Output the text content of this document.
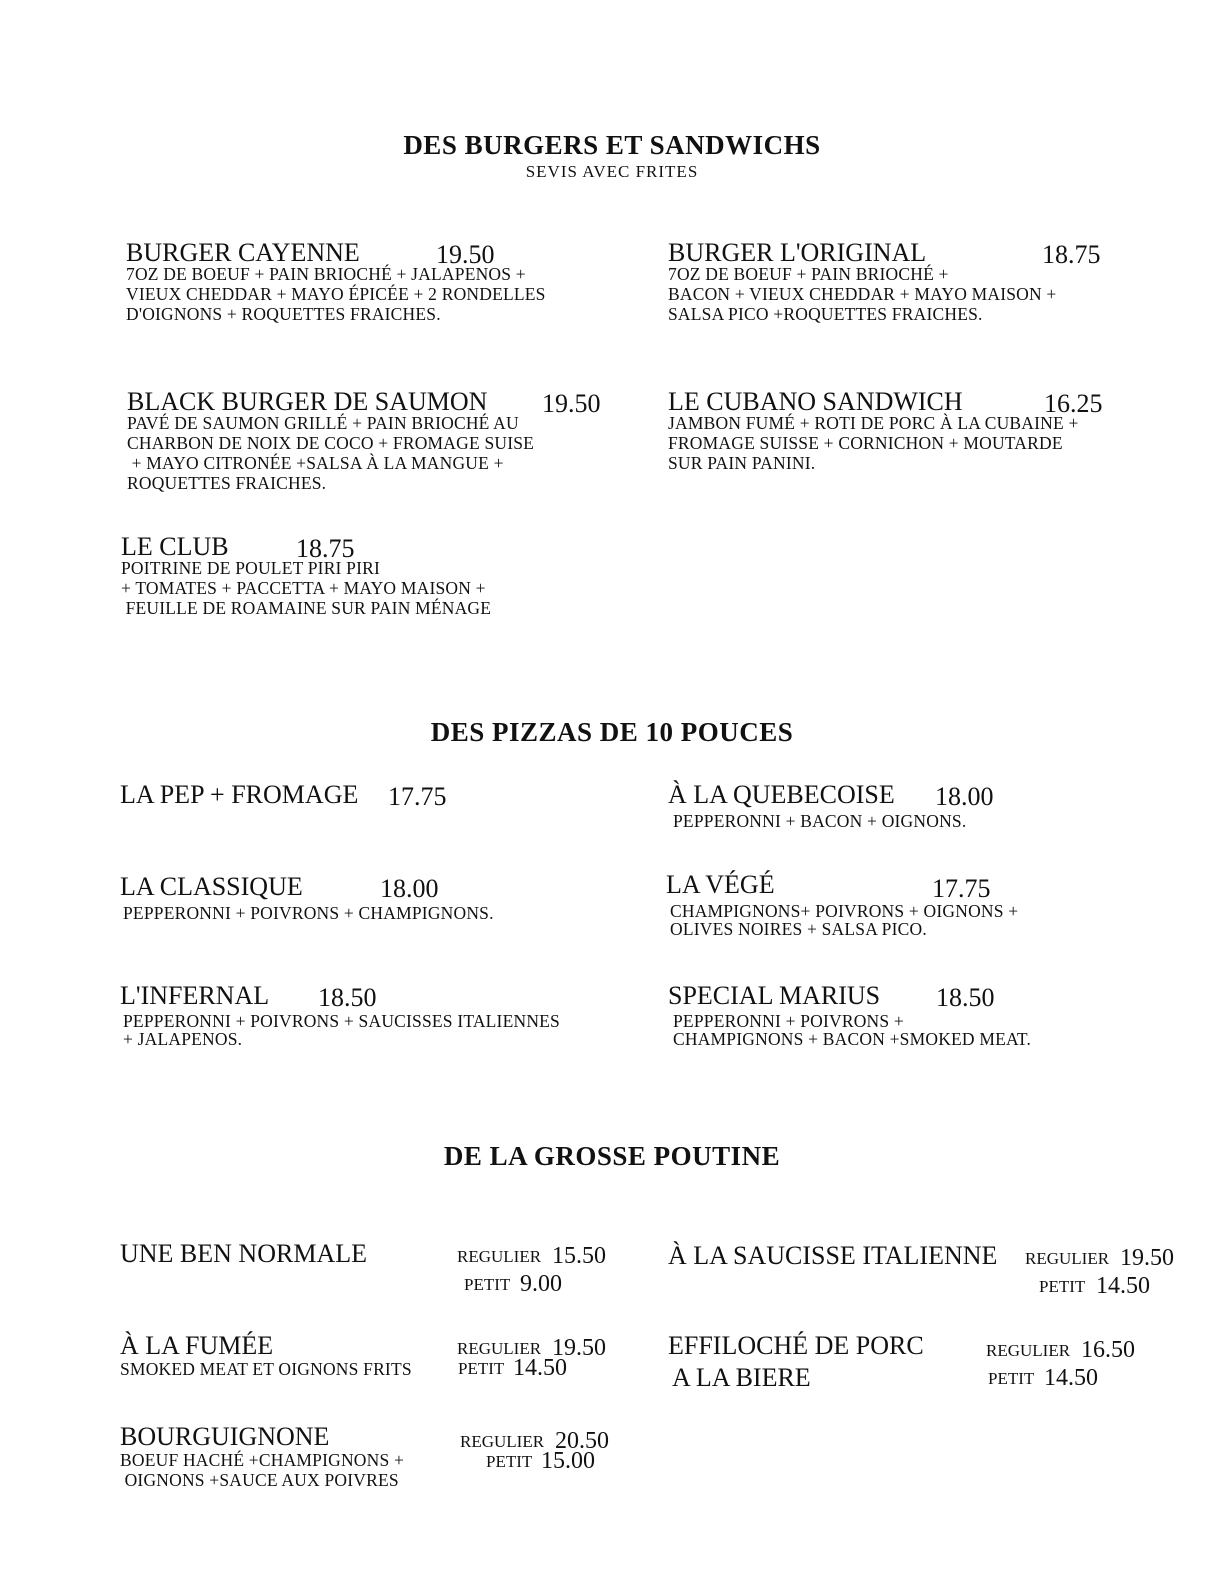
DES BURGERS ET SANDWICHS
SEVIS AVEC FRITES
BURGER CAYENNE	19.50
7OZ DE BOEUF + PAIN BRIOCHÉ + JALAPENOS +
VIEUX CHEDDAR + MAYO ÉPICÉE + 2 RONDELLES
D'OIGNONS + ROQUETTES FRAICHES.
BURGER L'ORIGINAL	18.75
7OZ DE BOEUF + PAIN BRIOCHÉ +
BACON + VIEUX CHEDDAR + MAYO MAISON +
SALSA PICO +ROQUETTES FRAICHES.
BLACK BURGER DE SAUMON 19.50
PAVÉ DE SAUMON GRILLÉ + PAIN BRIOCHÉ AU
CHARBON DE NOIX DE COCO + FROMAGE SUISE
+ MAYO CITRONÉE +SALSA À LA MANGUE +
ROQUETTES FRAICHES.
LE CUBANO SANDWICH	16.25
JAMBON FUMÉ + ROTI DE PORC À LA CUBAINE +
FROMAGE SUISSE + CORNICHON + MOUTARDE
SUR PAIN PANINI.
LE CLUB	18.75
POITRINE DE POULET PIRI PIRI
+ TOMATES + PACCETTA + MAYO MAISON +
FEUILLE DE ROAMAINE SUR PAIN MÉNAGE
DES PIZZAS DE 10 POUCES
LA PEP + FROMAGE 17.75	À LA QUEBECOISE 18.00
PEPPERONNI + BACON + OIGNONS.
LA CLASSIQUE	18.00
PEPPERONNI + POIVRONS + CHAMPIGNONS.
LA VÉGÉ	17.75
CHAMPIGNONS+ POIVRONS + OIGNONS +
OLIVES NOIRES + SALSA PICO.
L'INFERNAL 18.50
PEPPERONNI + POIVRONS + SAUCISSES ITALIENNES
+ JALAPENOS.
SPECIAL MARIUS 18.50
PEPPERONNI + POIVRONS +
CHAMPIGNONS + BACON +SMOKED MEAT.
DE LA GROSSE POUTINE
UNE BEN NORMALE	REGULIER 15.50
PETIT 9.00
À LA SAUCISSE ITALIENNE REGULIER 19.50
PETIT 14.50
À LA FUMÉE
SMOKED MEAT ET OIGNONS FRITS
REGULIER 19.50
PETIT 14.50
EFFILOCHÉ DE PORC
A LA BIERE
REGULIER 16.50
PETIT 14.50
BOURGUIGNONE
BOEUF HACHÉ +CHAMPIGNONS +
OIGNONS +SAUCE AUX POIVRES
REGULIER 20.50
PETIT 15.00
